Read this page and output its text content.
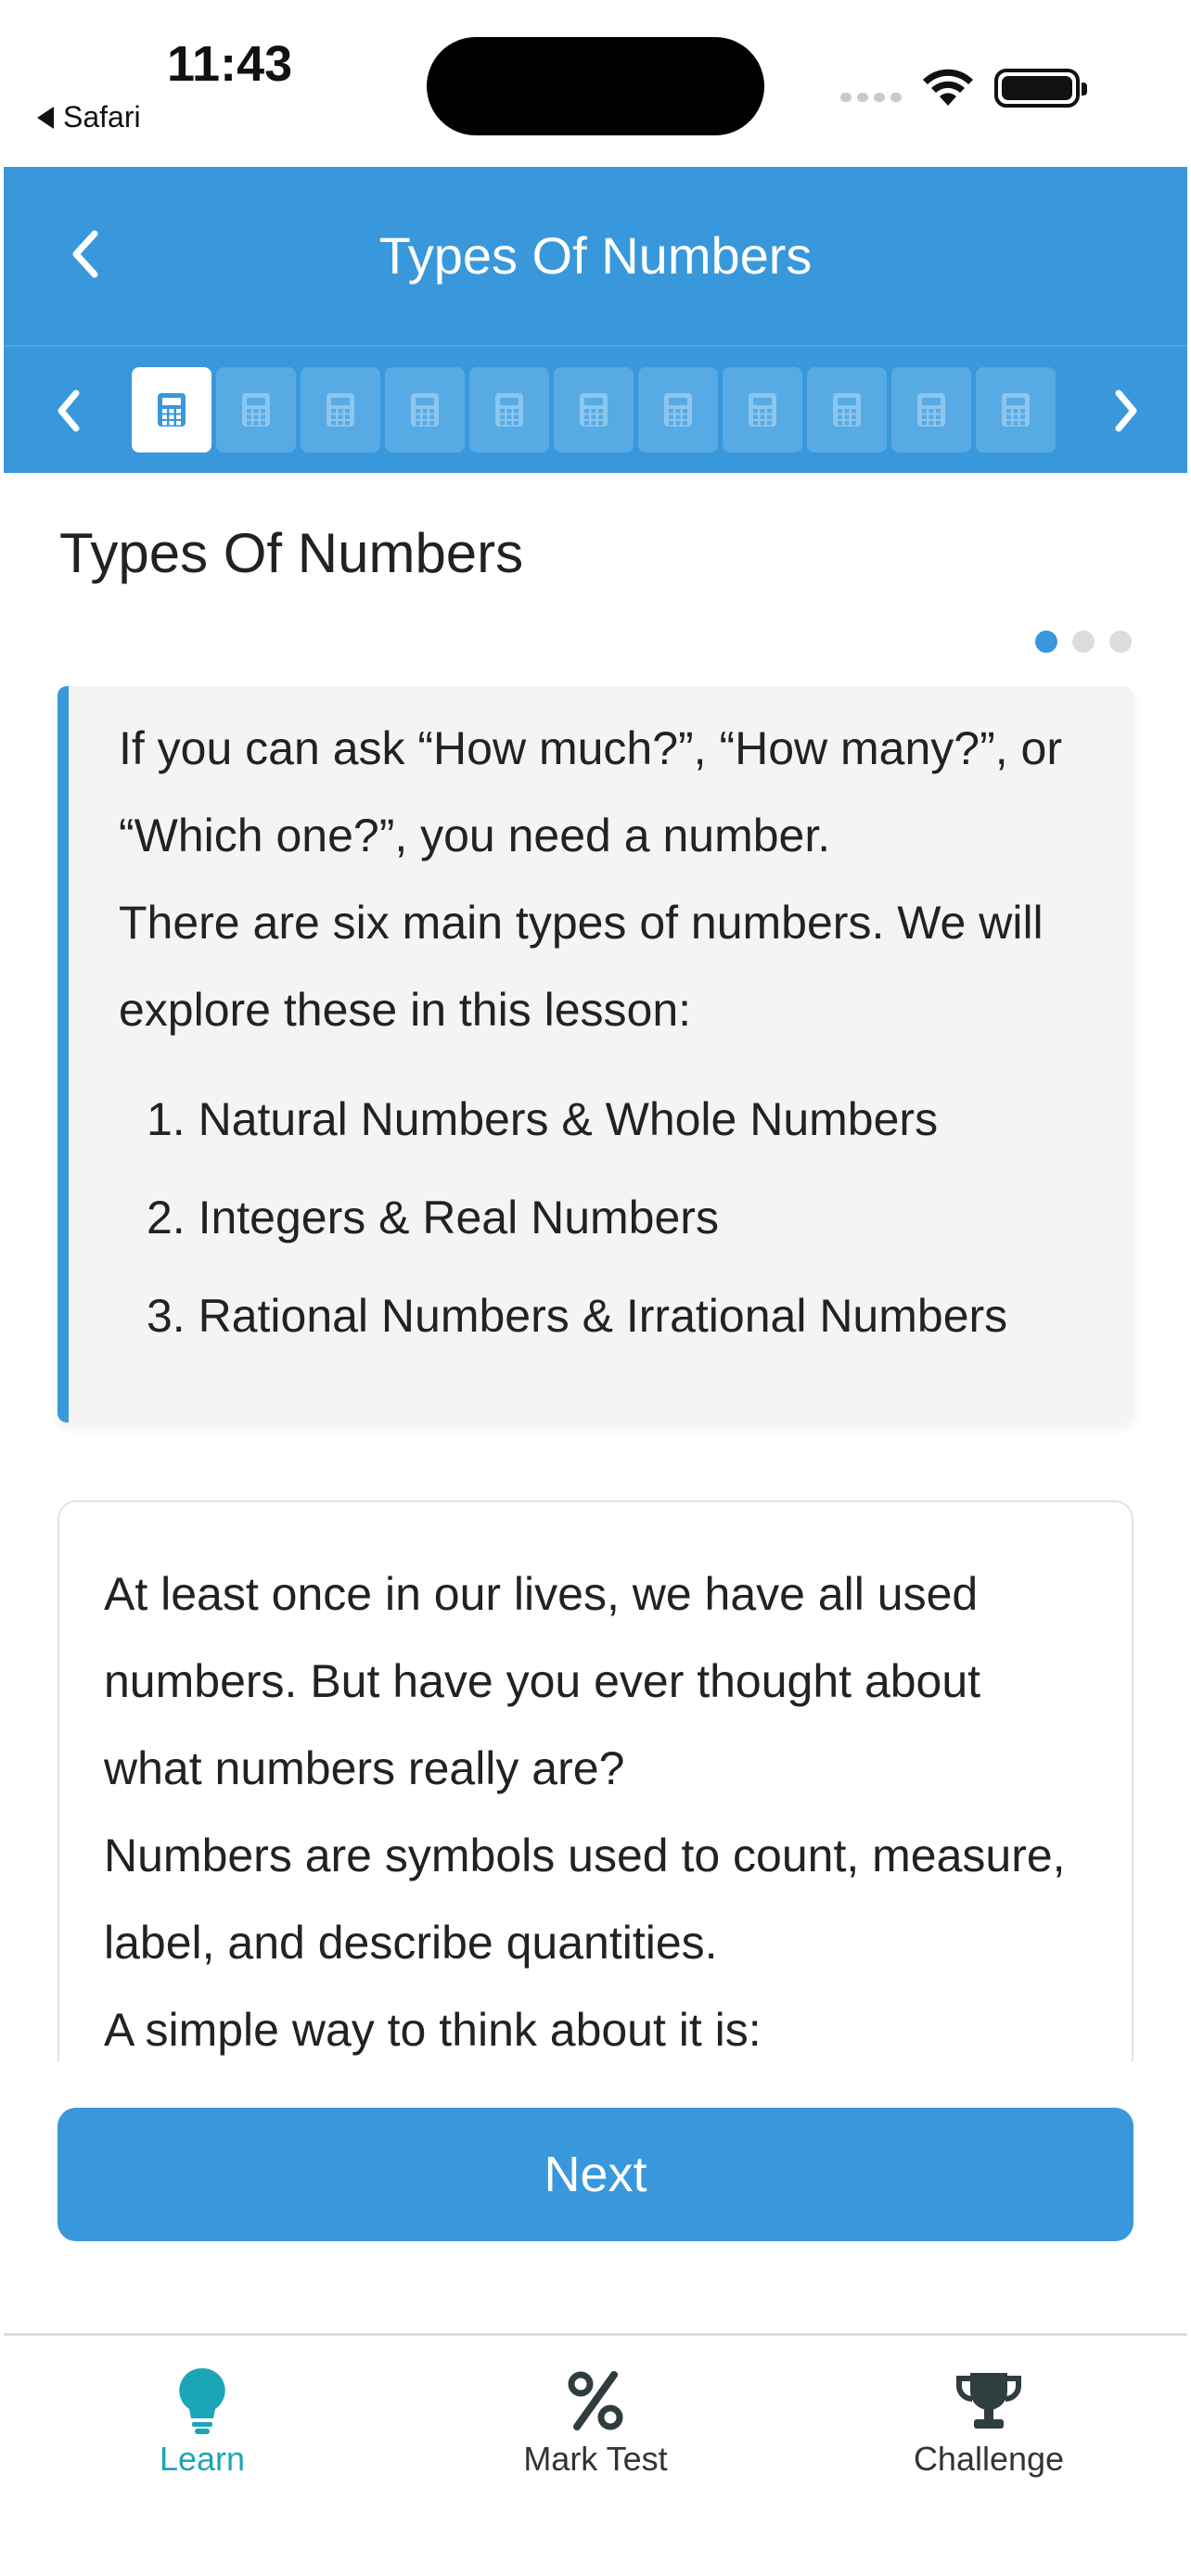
11:43
Safari
Types Of Numbers
Types Of Numbers

If you can ask “How much?”, “How many?”, or “Which one?”, you need a number.

There are six main types of numbers. We will explore these in this lesson:

1. Natural Numbers & Whole Numbers
2. Integers & Real Numbers
3. Rational Numbers & Irrational Numbers

At least once in our lives, we have all used numbers. But have you ever thought about what numbers really are?

Numbers are symbols used to count, measure, label, and describe quantities.

A simple way to think about it is:

Next
Learn	Mark Test	Challenge
